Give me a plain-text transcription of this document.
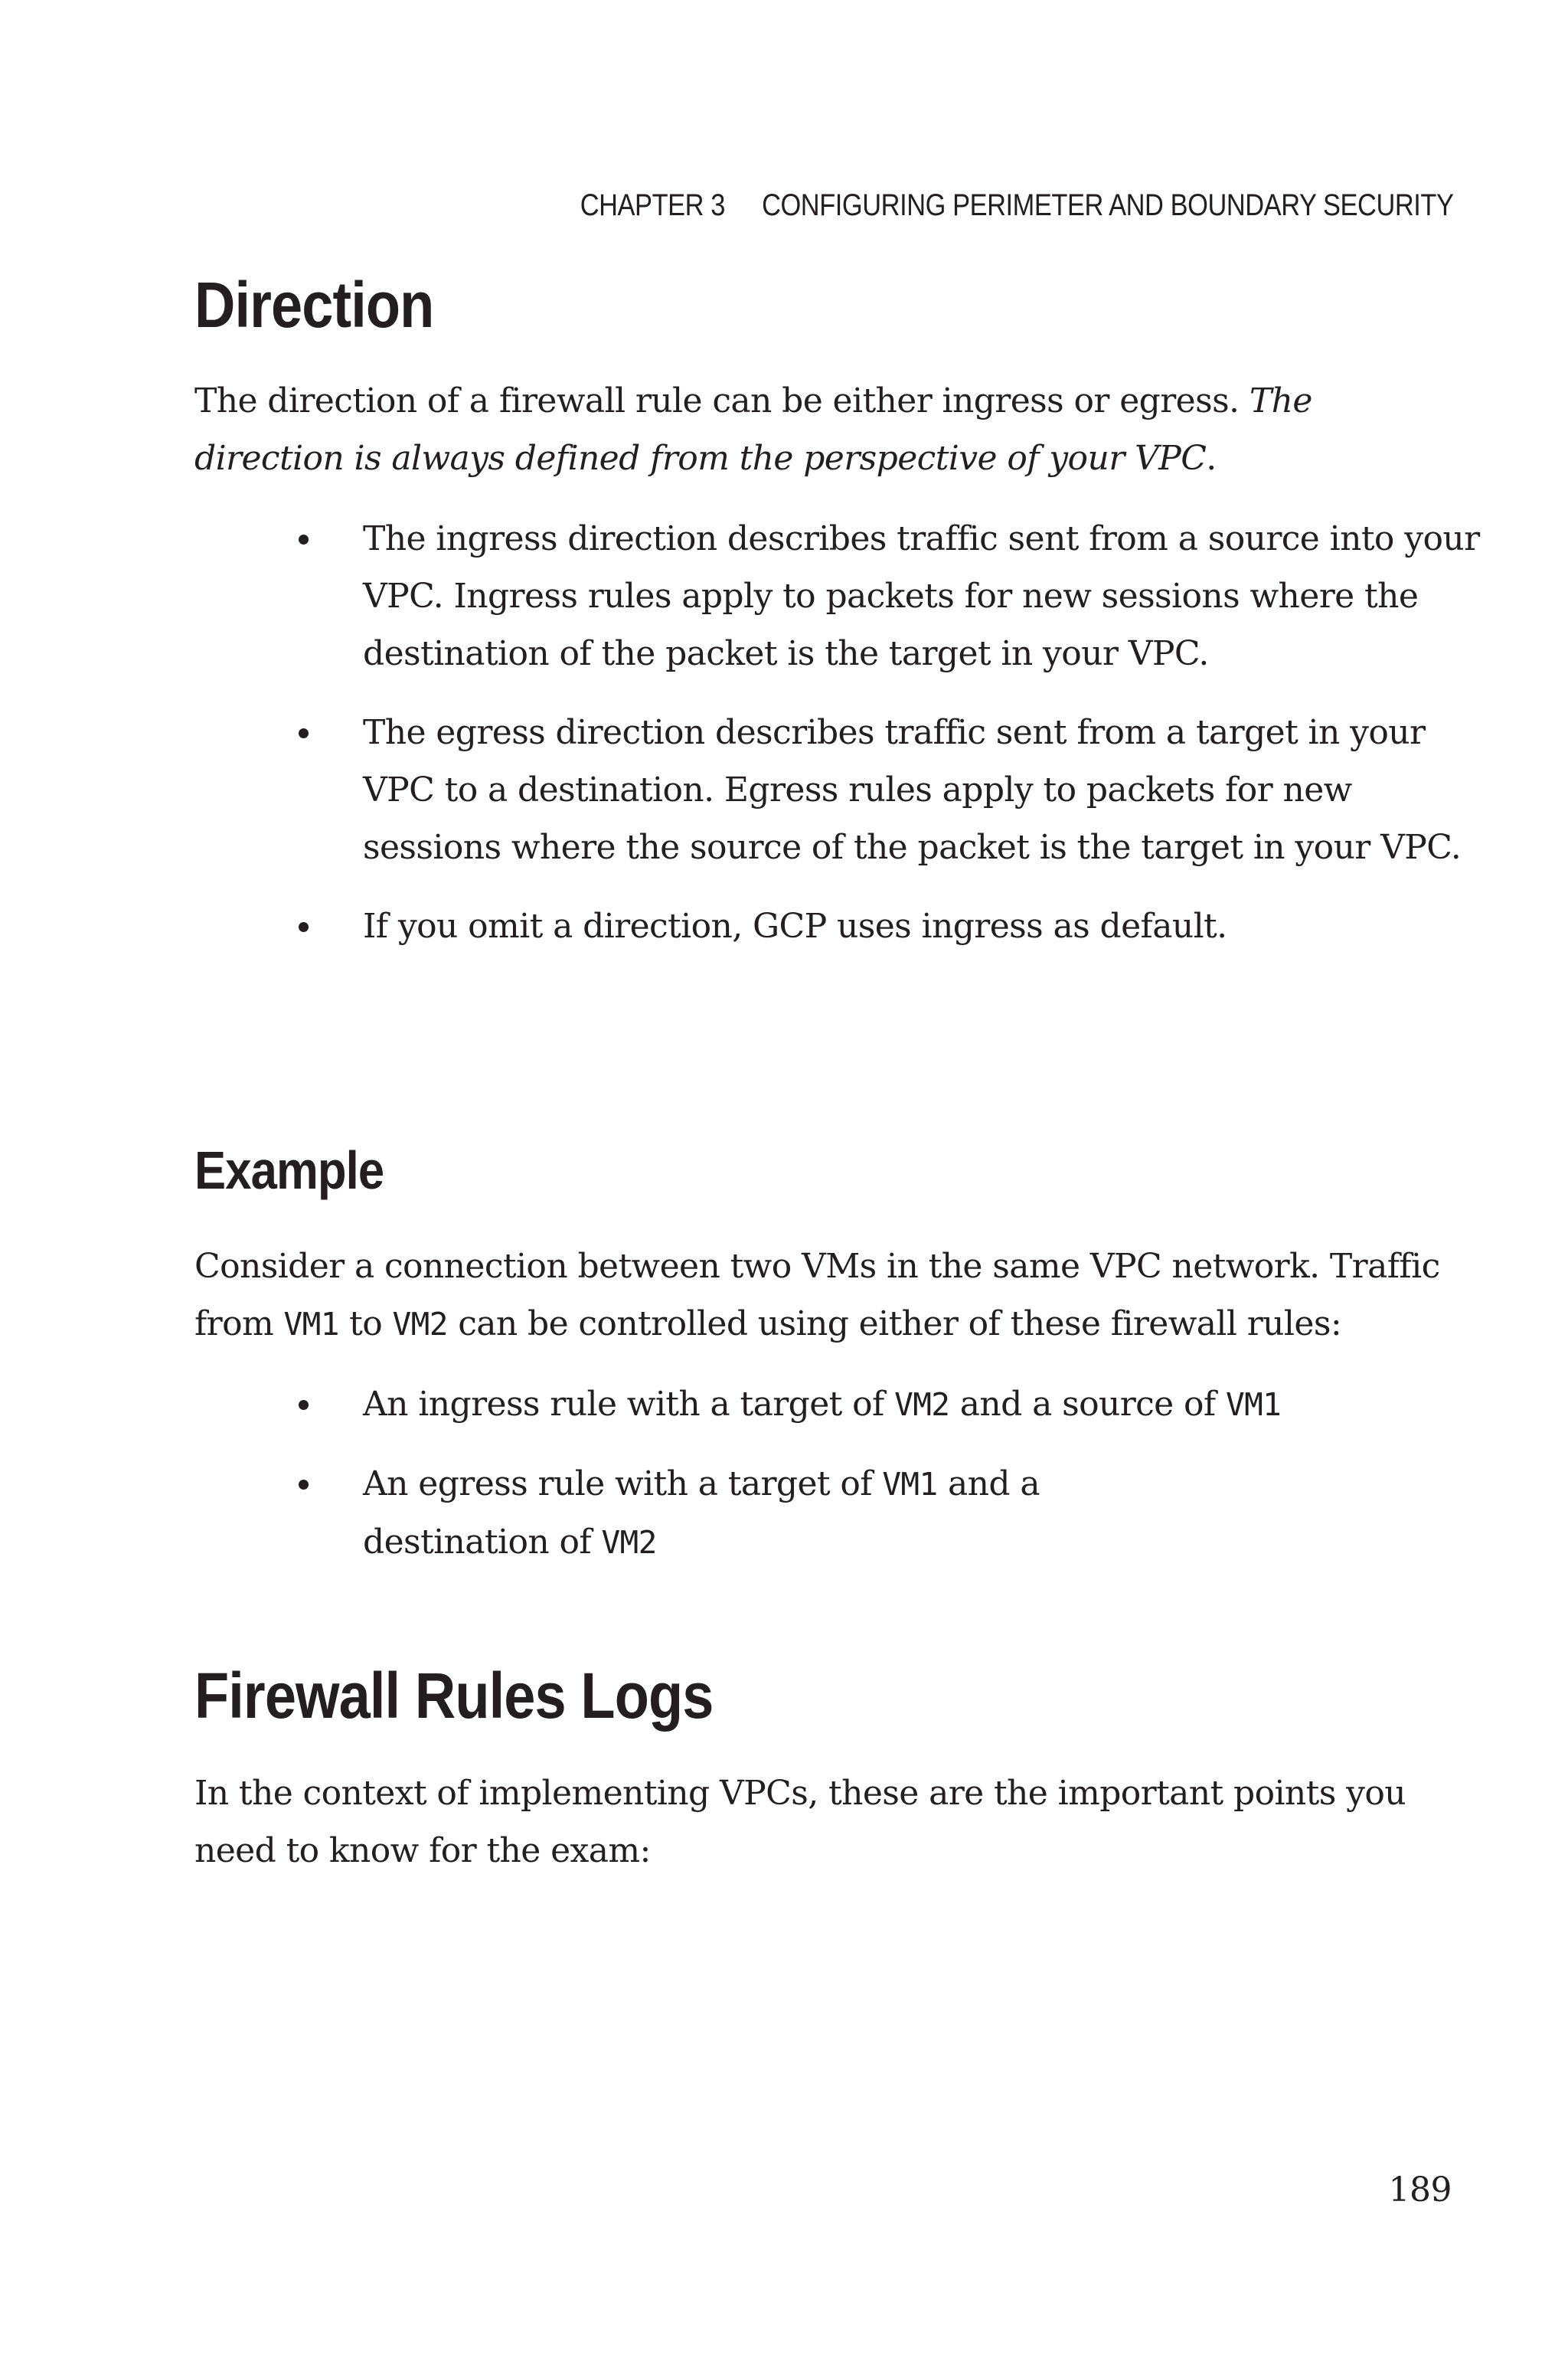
CHAPTER 3 CONFIGURING PERIMETER AND BOUNDARY SECURITY
Direction

The direction of a firewall rule can be either ingress or egress. The direction is always defined from the perspective of your VPC.

The ingress direction describes traffic sent from a source into your VPC. Ingress rules apply to packets for new sessions where the destination of the packet is the target in your VPC.
The egress direction describes traffic sent from a target in your VPC to a destination. Egress rules apply to packets for new sessions where the source of the packet is the target in your VPC.
If you omit a direction, GCP uses ingress as default.
Example

Consider a connection between two VMs in the same VPC network. Traffic from VM1 to VM2 can be controlled using either of these firewall rules:

An ingress rule with a target of VM2 and a source of VM1
An egress rule with a target of VM1 and a destination of VM2
Firewall Rules Logs

In the context of implementing VPCs, these are the important points you need to know for the exam:

189
